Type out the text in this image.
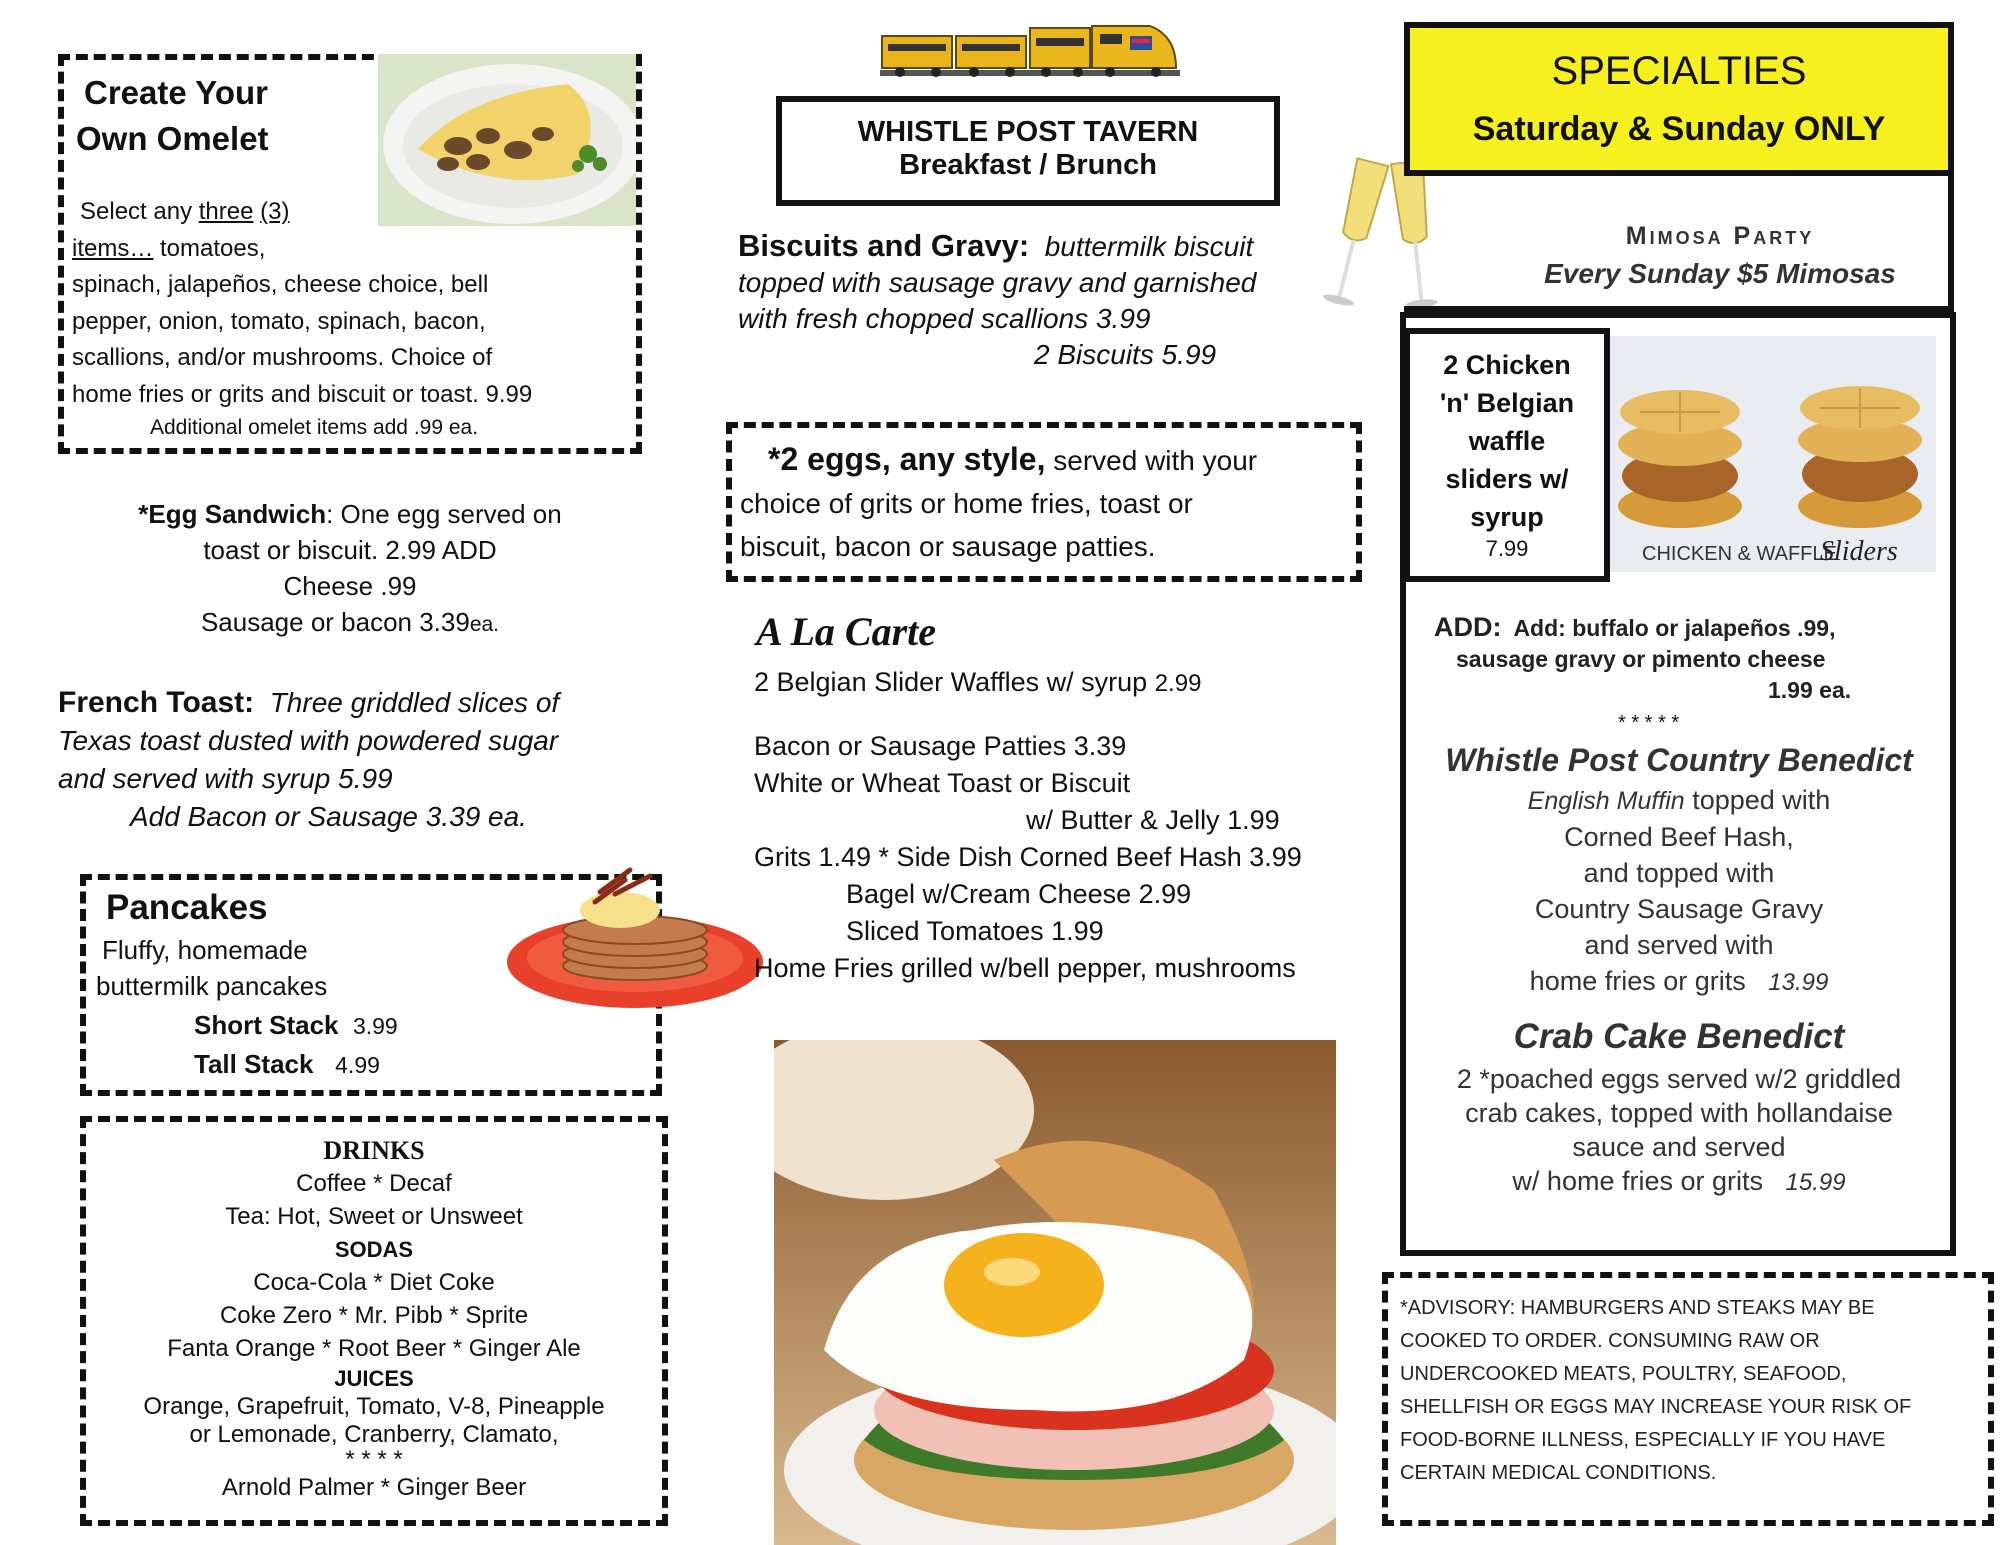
Create Your
Own Omelet
Select any three (3)
items… tomatoes,
spinach, jalapeños, cheese choice, bell
pepper, onion, tomato, spinach, bacon,
scallions, and/or mushrooms. Choice of
home fries or grits and biscuit or toast. 9.99
Additional omelet items add .99 ea.
*Egg Sandwich: One egg served on
toast or biscuit. 2.99 ADD
Cheese .99
Sausage or bacon 3.39ea.
French Toast: Three griddled slices of
Texas toast dusted with powdered sugar
and served with syrup 5.99
Add Bacon or Sausage 3.39 ea.
Pancakes
Fluffy, homemade
buttermilk pancakes
Short Stack 3.99
Tall Stack 4.99
DRINKS
Coffee * Decaf
Tea: Hot, Sweet or Unsweet
SODAS
Coca-Cola * Diet Coke
Coke Zero * Mr. Pibb * Sprite
Fanta Orange * Root Beer * Ginger Ale
JUICES
Orange, Grapefruit, Tomato, V-8, Pineapple
or Lemonade, Cranberry, Clamato,
* * * *
Arnold Palmer * Ginger Beer
WHISTLE POST TAVERN
Breakfast / Brunch
Biscuits and Gravy: buttermilk biscuit
topped with sausage gravy and garnished
with fresh chopped scallions 3.99
2 Biscuits 5.99
*2 eggs, any style, served with your
choice of grits or home fries, toast or
biscuit, bacon or sausage patties.
A La Carte
2 Belgian Slider Waffles w/ syrup 2.99
Bacon or Sausage Patties 3.39
White or Wheat Toast or Biscuit
w/ Butter & Jelly 1.99
Grits 1.49 * Side Dish Corned Beef Hash 3.99
Bagel w/Cream Cheese 2.99
Sliced Tomatoes 1.99
Home Fries grilled w/bell pepper, mushrooms
SPECIALTIES
Saturday & Sunday ONLY
Mimosa Party
Every Sunday $5 Mimosas
2 Chicken
'n' Belgian
waffle
sliders w/
syrup
7.99	CHICKEN & WAFFLE
Sliders
ADD: Add: buffalo or jalapeños .99,
sausage gravy or pimento cheese
1.99 ea.
* * * * *
Whistle Post Country Benedict
English Muffin topped with
Corned Beef Hash,
and topped with
Country Sausage Gravy
and served with
home fries or grits 13.99
Crab Cake Benedict
2 *poached eggs served w/2 griddled
crab cakes, topped with hollandaise
sauce and served
w/ home fries or grits 15.99
*ADVISORY: HAMBURGERS AND STEAKS MAY BE
COOKED TO ORDER. CONSUMING RAW OR
UNDERCOOKED MEATS, POULTRY, SEAFOOD,
SHELLFISH OR EGGS MAY INCREASE YOUR RISK OF
FOOD-BORNE ILLNESS, ESPECIALLY IF YOU HAVE
CERTAIN MEDICAL CONDITIONS.
